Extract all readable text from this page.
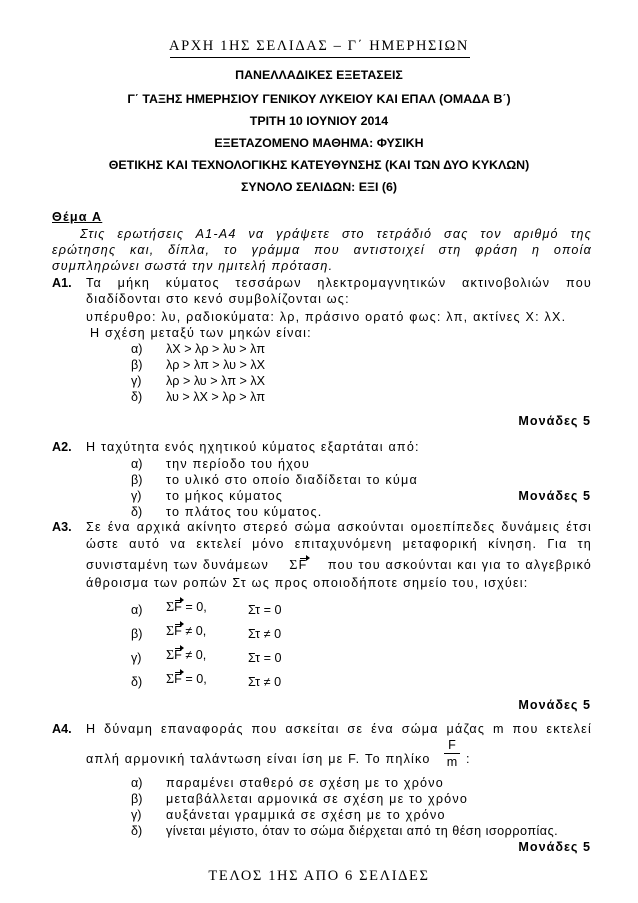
ΑΡΧΗ 1ΗΣ ΣΕΛΙΔΑΣ – Γ΄ ΗΜΕΡΗΣΙΩΝ
ΠΑΝΕΛΛΑΔΙΚΕΣ ΕΞΕΤΑΣΕΙΣ
Γ΄ ΤΑΞΗΣ ΗΜΕΡΗΣΙΟΥ ΓΕΝΙΚΟΥ ΛΥΚΕΙΟΥ ΚΑΙ ΕΠΑΛ (ΟΜΑΔΑ Β΄)
ΤΡΙΤΗ 10 ΙΟΥΝΙΟΥ 2014
ΕΞΕΤΑΖΟΜΕΝΟ ΜΑΘΗΜΑ: ΦΥΣΙΚΗ
ΘΕΤΙΚΗΣ ΚΑΙ ΤΕΧΝΟΛΟΓΙΚΗΣ ΚΑΤΕΥΘΥΝΣΗΣ (ΚΑΙ ΤΩΝ ΔΥΟ ΚΥΚΛΩΝ)
ΣΥΝΟΛΟ ΣΕΛΙΔΩΝ: ΕΞΙ (6)
Θέμα Α
Στις ερωτήσεις Α1-Α4 να γράψετε στο τετράδιό σας τον αριθμό της
ερώτησης και, δίπλα, το γράμμα που αντιστοιχεί στη φράση η οποία
συμπληρώνει σωστά την ημιτελή πρόταση.
Α1. Τα μήκη κύματος τεσσάρων ηλεκτρομαγνητικών ακτινοβολιών που
διαδίδονται στο κενό συμβολίζονται ως:
υπέρυθρο: λυ, ραδιοκύματα: λρ, πράσινο ορατό φως: λπ, ακτίνες Χ: λΧ.
Η σχέση μεταξύ των μηκών είναι:
α) λΧ > λρ > λυ > λπ
β) λρ > λπ > λυ > λΧ
γ) λρ > λυ > λπ > λΧ
δ) λυ > λΧ > λρ > λπ
Μονάδες 5
Α2. Η ταχύτητα ενός ηχητικού κύματος εξαρτάται από:
α) την περίοδο του ήχου
β) το υλικό στο οποίο διαδίδεται το κύμα
γ) το μήκος κύματος
δ) το πλάτος του κύματος.
Μονάδες 5
Α3. Σε ένα αρχικά ακίνητο στερεό σώμα ασκούνται ομοεπίπεδες δυνάμεις έτσι
ώστε αυτό να εκτελεί μόνο επιταχυνόμενη μεταφορική κίνηση. Για τη
συνισταμένη των δυνάμεων ΣF που του ασκούνται και για το αλγεβρικό
άθροισμα των ροπών Στ ως προς οποιοδήποτε σημείο του, ισχύει:
α) ΣF = 0,	Στ = 0
β) ΣF ≠ 0,	Στ ≠ 0
γ) ΣF ≠ 0,	Στ = 0
δ) ΣF = 0,	Στ ≠ 0
Μονάδες 5
Α4. Η δύναμη επαναφοράς που ασκείται σε ένα σώμα μάζας m που εκτελεί
απλή αρμονική ταλάντωση είναι ίση με F. Το πηλίκο
F
m :
α) παραμένει σταθερό σε σχέση με το χρόνο
β) μεταβάλλεται αρμονικά σε σχέση με το χρόνο
γ) αυξάνεται γραμμικά σε σχέση με το χρόνο
δ) γίνεται μέγιστο, όταν το σώμα διέρχεται από τη θέση ισορροπίας.
Μονάδες 5
ΤΕΛΟΣ 1ΗΣ ΑΠΟ 6 ΣΕΛΙΔΕΣ
